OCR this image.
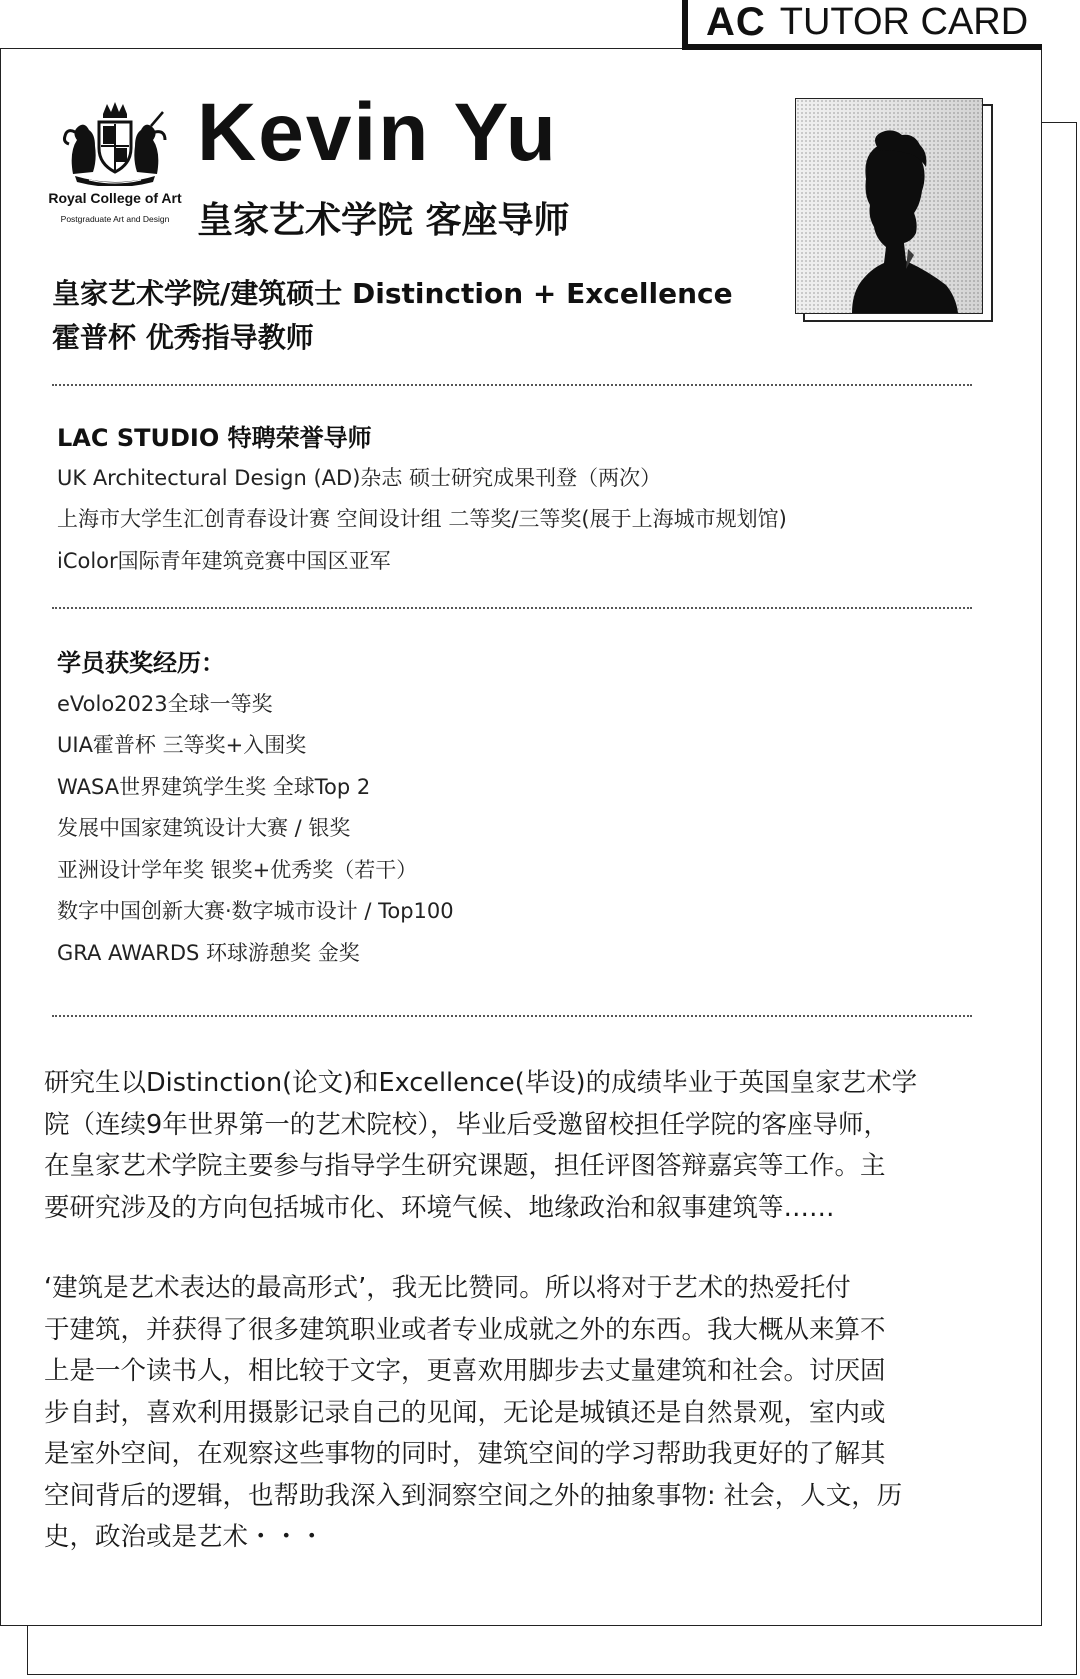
AC TUTOR CARD
Royal College of Art
Postgraduate Art and Design
Kevin Yu
皇家艺术学院 客座导师
皇家艺术学院/建筑硕士 Distinction + Excellence
霍普杯 优秀指导教师
LAC STUDIO 特聘荣誉导师
UK Architectural Design (AD)杂志 硕士研究成果刊登（两次）
上海市大学生汇创青春设计赛 空间设计组 二等奖/三等奖(展于上海城市规划馆)
iColor国际青年建筑竞赛中国区亚军
学员获奖经历：
eVolo2023全球一等奖
UIA霍普杯 三等奖+入围奖
WASA世界建筑学生奖 全球Top 2
发展中国家建筑设计大赛 / 银奖
亚洲设计学年奖 银奖+优秀奖（若干）
数字中国创新大赛·数字城市设计 / Top100
GRA AWARDS 环球游憩奖 金奖
研究生以Distinction(论文)和Excellence(毕设)的成绩毕业于英国皇家艺术学
院（连续9年世界第一的艺术院校），毕业后受邀留校担任学院的客座导师，
在皇家艺术学院主要参与指导学生研究课题，担任评图答辩嘉宾等工作。主
要研究涉及的方向包括城市化、环境气候、地缘政治和叙事建筑等……
‘建筑是艺术表达的最高形式’，我无比赞同。所以将对于艺术的热爱托付
于建筑，并获得了很多建筑职业或者专业成就之外的东西。我大概从来算不
上是一个读书人，相比较于文字，更喜欢用脚步去丈量建筑和社会。讨厌固
步自封，喜欢利用摄影记录自己的见闻，无论是城镇还是自然景观，室内或
是室外空间，在观察这些事物的同时，建筑空间的学习帮助我更好的了解其
空间背后的逻辑，也帮助我深入到洞察空间之外的抽象事物: 社会，人文，历
史，政治或是艺术・・・
